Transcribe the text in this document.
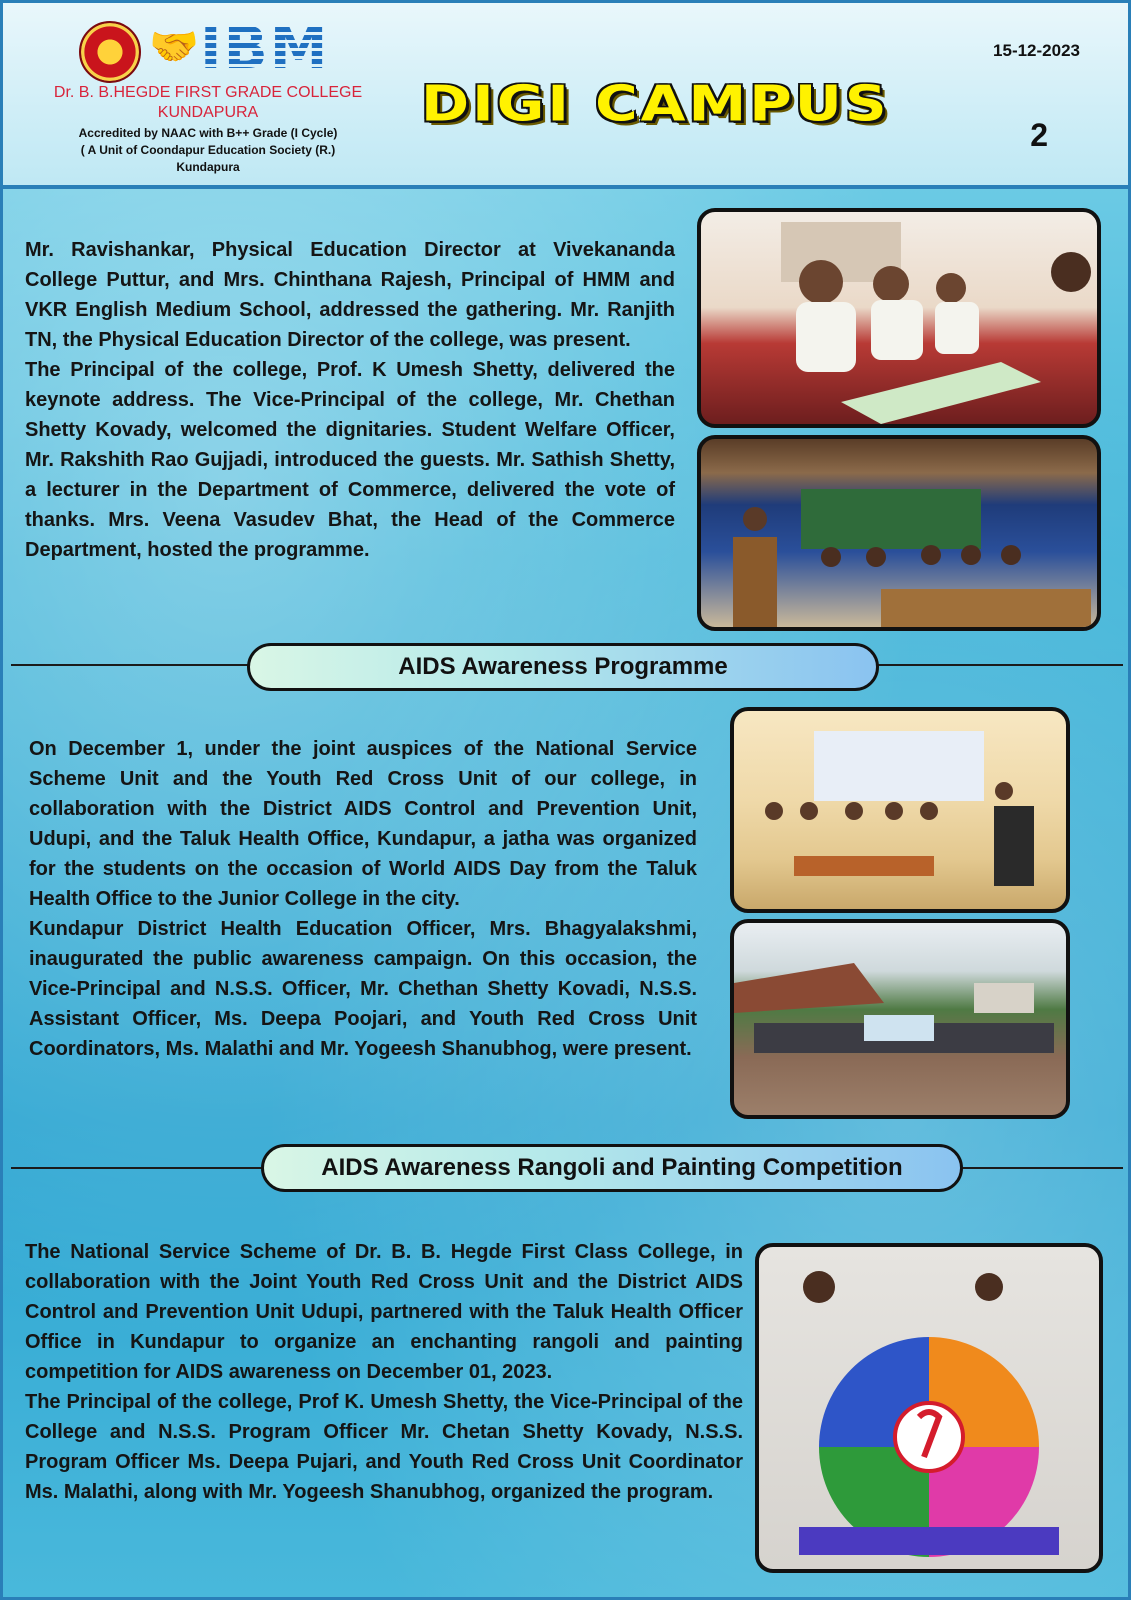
🤝 IBM
Dr. B. B.HEGDE FIRST GRADE COLLEGE
KUNDAPURA
Accredited by NAAC with B++ Grade (I Cycle)
( A Unit of Coondapur Education Society (R.)
Kundapura
DIGI CAMPUS
15-12-2023
2

Mr. Ravishankar, Physical Education Director at Vivekananda College Puttur, and Mrs. Chinthana Rajesh, Principal of HMM and VKR English Medium School, addressed the gathering. Mr. Ranjith TN, the Physical Education Director of the college, was present.

The Principal of the college, Prof. K Umesh Shetty, delivered the keynote address. The Vice-Principal of the college, Mr. Chethan Shetty Kovady, welcomed the dignitaries. Student Welfare Officer, Mr. Rakshith Rao Gujjadi, introduced the guests. Mr. Sathish Shetty, a lecturer in the Department of Commerce, delivered the vote of thanks. Mrs. Veena Vasudev Bhat, the Head of the Commerce Department, hosted the programme.

AIDS Awareness Programme

On December 1, under the joint auspices of the National Service Scheme Unit and the Youth Red Cross Unit of our college, in collaboration with the District AIDS Control and Prevention Unit, Udupi, and the Taluk Health Office, Kundapur, a jatha was organized for the students on the occasion of World AIDS Day from the Taluk Health Office to the Junior College in the city.

Kundapur District Health Education Officer, Mrs. Bhagyalakshmi, inaugurated the public awareness campaign. On this occasion, the Vice-Principal and N.S.S. Officer, Mr. Chethan Shetty Kovadi, N.S.S. Assistant Officer, Ms. Deepa Poojari, and Youth Red Cross Unit Coordinators, Ms. Malathi and Mr. Yogeesh Shanubhog, were present.

AIDS Awareness Rangoli and Painting Competition

The National Service Scheme of Dr. B. B. Hegde First Class College, in collaboration with the Joint Youth Red Cross Unit and the District AIDS Control and Prevention Unit Udupi, partnered with the Taluk Health Officer Office in Kundapur to organize an enchanting rangoli and painting competition for AIDS awareness on December 01, 2023.

The Principal of the college, Prof K. Umesh Shetty, the Vice-Principal of the College and N.S.S. Program Officer Mr. Chetan Shetty Kovady, N.S.S. Program Officer Ms. Deepa Pujari, and Youth Red Cross Unit Coordinator Ms. Malathi, along with Mr. Yogeesh Shanubhog, organized the program.
